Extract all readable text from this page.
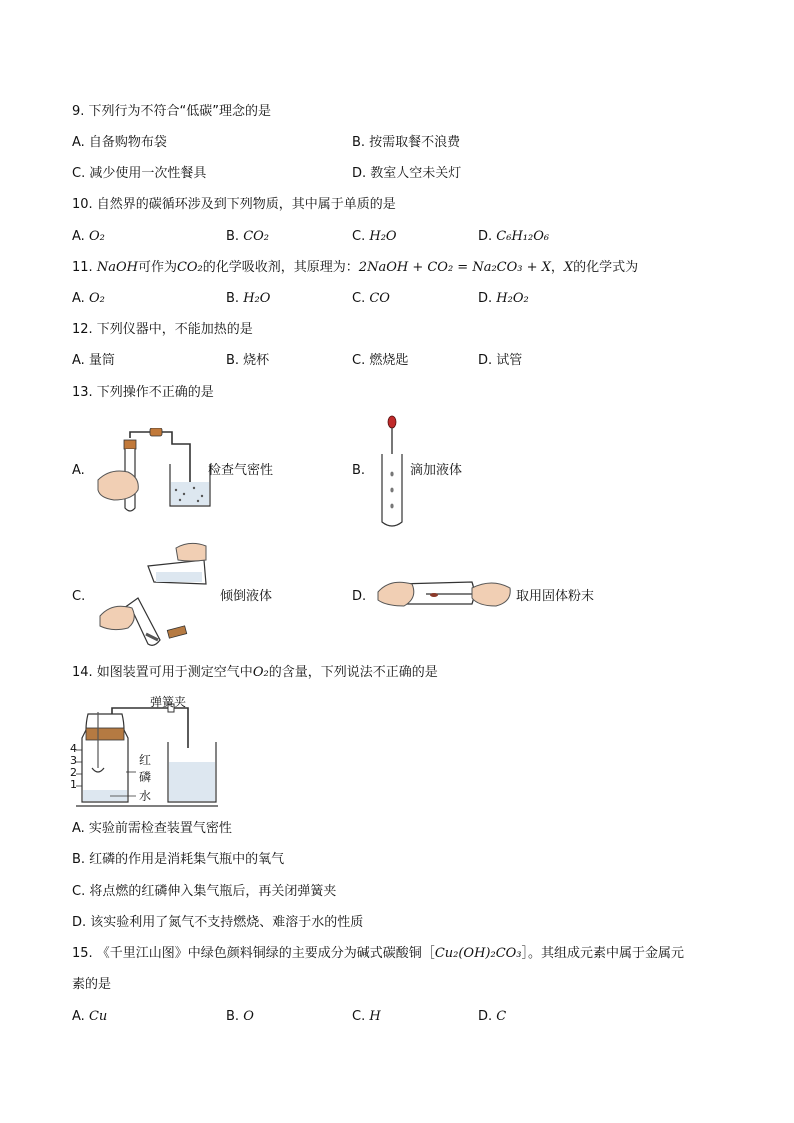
9. 下列行为不符合“低碳”理念的是
A. 自备购物布袋	B. 按需取餐不浪费
C. 减少使用一次性餐具	D. 教室人空未关灯
10. 自然界的碳循环涉及到下列物质，其中属于单质的是
A. O₂	B. CO₂	C. H₂O	D. C₆H₁₂O₆
11. NaOH可作为CO₂的化学吸收剂，其原理为：2NaOH + CO₂ = Na₂CO₃ + X，X的化学式为
A. O₂	B. H₂O	C. CO	D. H₂O₂
12. 下列仪器中，不能加热的是
A. 量筒	B. 烧杯	C. 燃烧匙	D. 试管
13. 下列操作不正确的是
A.	检查气密性	B.	滴加液体
C.	倾倒液体	D.	取用固体粉末
14. 如图装置可用于测定空气中O₂的含量，下列说法不正确的是
弹簧夹
红
磷
水
4
3
2
1
A. 实验前需检查装置气密性
B. 红磷的作用是消耗集气瓶中的氧气
C. 将点燃的红磷伸入集气瓶后，再关闭弹簧夹
D. 该实验利用了氮气不支持燃烧、难溶于水的性质
15. 《千里江山图》中绿色颜料铜绿的主要成分为碱式碳酸铜［Cu₂(OH)₂CO₃］。其组成元素中属于金属元
素的是
A. Cu	B. O	C. H	D. C
